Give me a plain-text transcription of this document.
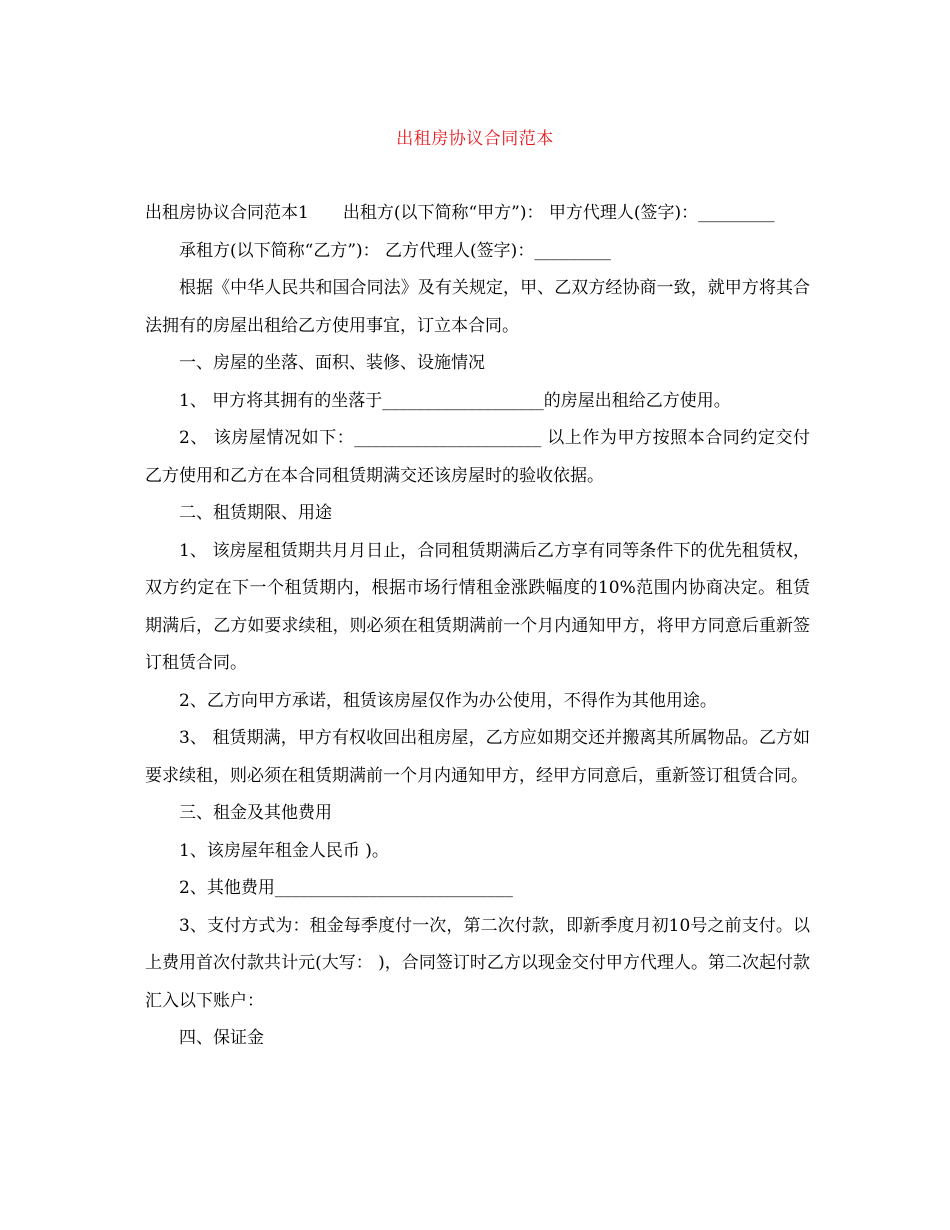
出租房协议合同范本

出租房协议合同范本1　　出租方(以下简称“甲方”)： 甲方代理人(签字)：_________

承租方(以下简称“乙方”)： 乙方代理人(签字)：_________

根据《中华人民共和国合同法》及有关规定，甲、乙双方经协商一致，就甲方将其合法拥有的房屋出租给乙方使用事宜，订立本合同。

一、房屋的坐落、面积、装修、设施情况

1、 甲方将其拥有的坐落于___________________的房屋出租给乙方使用。

2、 该房屋情况如下：______________________ 以上作为甲方按照本合同约定交付乙方使用和乙方在本合同租赁期满交还该房屋时的验收依据。

二、租赁期限、用途

1、 该房屋租赁期共月月日止，合同租赁期满后乙方享有同等条件下的优先租赁权，双方约定在下一个租赁期内，根据市场行情租金涨跌幅度的10%范围内协商决定。租赁期满后，乙方如要求续租，则必须在租赁期满前一个月内通知甲方，将甲方同意后重新签订租赁合同。

2、乙方向甲方承诺，租赁该房屋仅作为办公使用，不得作为其他用途。

3、 租赁期满，甲方有权收回出租房屋，乙方应如期交还并搬离其所属物品。乙方如要求续租，则必须在租赁期满前一个月内通知甲方，经甲方同意后，重新签订租赁合同。

三、租金及其他费用

1、该房屋年租金人民币 )。

2、其他费用____________________________

3、支付方式为：租金每季度付一次，第二次付款，即新季度月初10号之前支付。以上费用首次付款共计元(大写： )，合同签订时乙方以现金交付甲方代理人。第二次起付款汇入以下账户：

四、保证金
